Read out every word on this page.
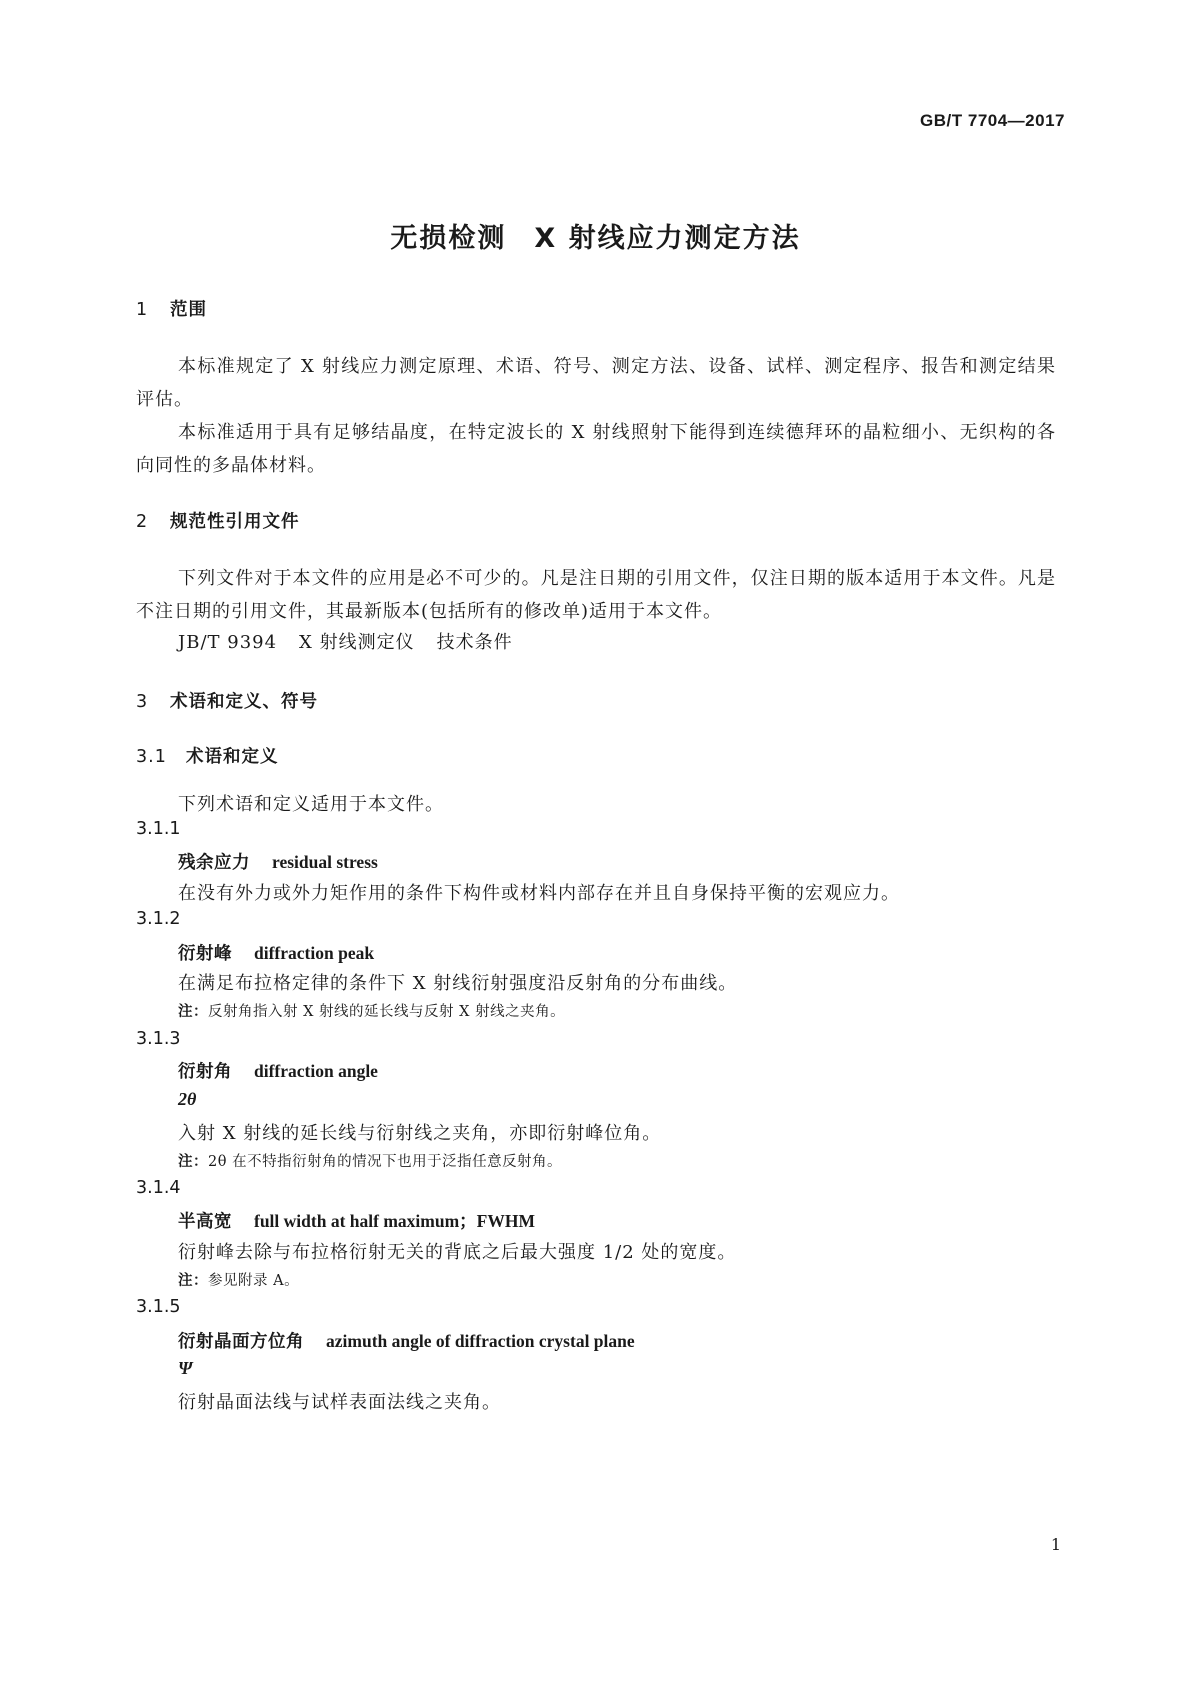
GB/T 7704—2017
无损检测 X 射线应力测定方法
1 范围
本标准规定了 X 射线应力测定原理、术语、符号、测定方法、设备、试样、测定程序、报告和测定结果评估。
本标准适用于具有足够结晶度，在特定波长的 X 射线照射下能得到连续德拜环的晶粒细小、无织构的各向同性的多晶体材料。
2 规范性引用文件
下列文件对于本文件的应用是必不可少的。凡是注日期的引用文件，仅注日期的版本适用于本文件。凡是不注日期的引用文件，其最新版本(包括所有的修改单)适用于本文件。
JB/T 9394 X 射线测定仪 技术条件
3 术语和定义、符号
3.1 术语和定义
下列术语和定义适用于本文件。
3.1.1
残余应力 residual stress
在没有外力或外力矩作用的条件下构件或材料内部存在并且自身保持平衡的宏观应力。
3.1.2
衍射峰 diffraction peak
在满足布拉格定律的条件下 X 射线衍射强度沿反射角的分布曲线。
注：反射角指入射 X 射线的延长线与反射 X 射线之夹角。
3.1.3
衍射角 diffraction angle
2θ
入射 X 射线的延长线与衍射线之夹角，亦即衍射峰位角。
注：2θ 在不特指衍射角的情况下也用于泛指任意反射角。
3.1.4
半高宽 full width at half maximum；FWHM
衍射峰去除与布拉格衍射无关的背底之后最大强度 1/2 处的宽度。
注：参见附录 A。
3.1.5
衍射晶面方位角 azimuth angle of diffraction crystal plane
Ψ
衍射晶面法线与试样表面法线之夹角。
1
